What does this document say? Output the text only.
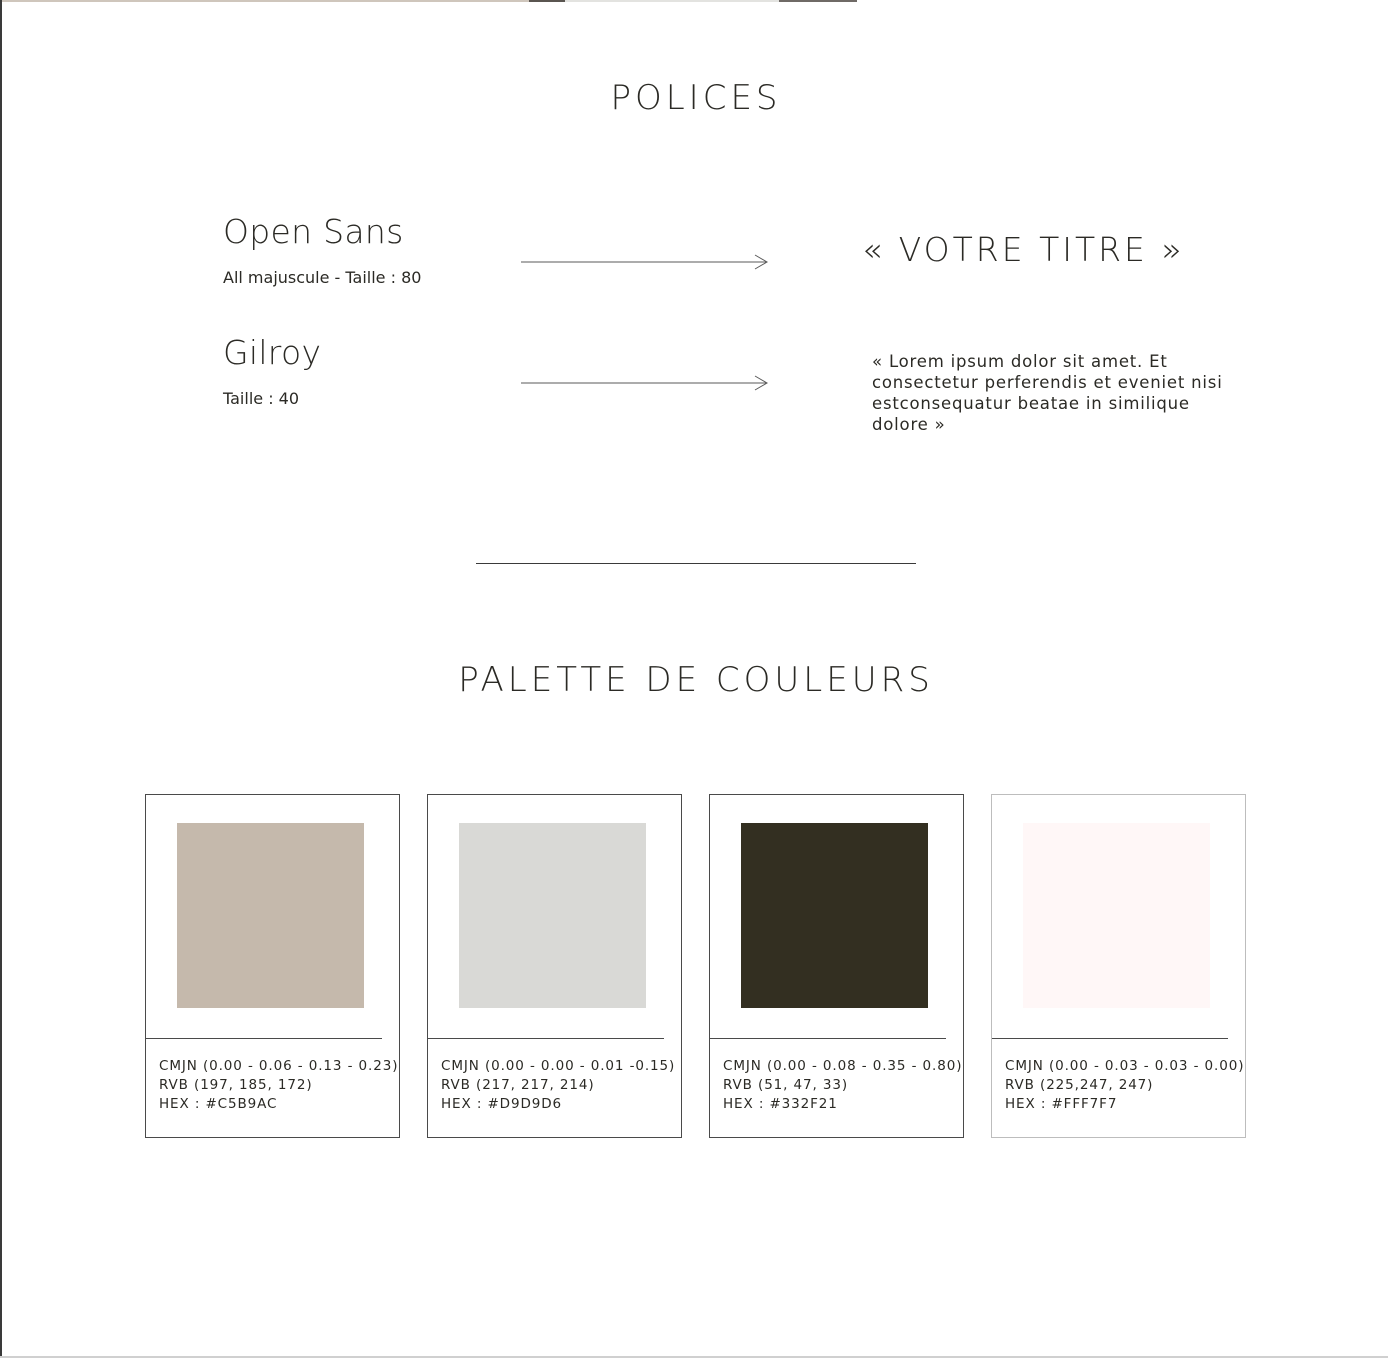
POLICES

Open Sans

All majuscule - Taille : 80

« VOTRE TITRE »

Gilroy

Taille : 40

« Lorem ipsum dolor sit amet. Et consectetur perferendis et eveniet nisi estconsequatur beatae in similique dolore »

PALETTE DE COULEURS
CMJN (0.00 - 0.06 - 0.13 - 0.23)
RVB (197, 185, 172)
HEX : #C5B9AC
CMJN (0.00 - 0.00 - 0.01 -0.15)
RVB (217, 217, 214)
HEX : #D9D9D6
CMJN (0.00 - 0.08 - 0.35 - 0.80)
RVB (51, 47, 33)
HEX : #332F21
CMJN (0.00 - 0.03 - 0.03 - 0.00)
RVB (225,247, 247)
HEX : #FFF7F7
